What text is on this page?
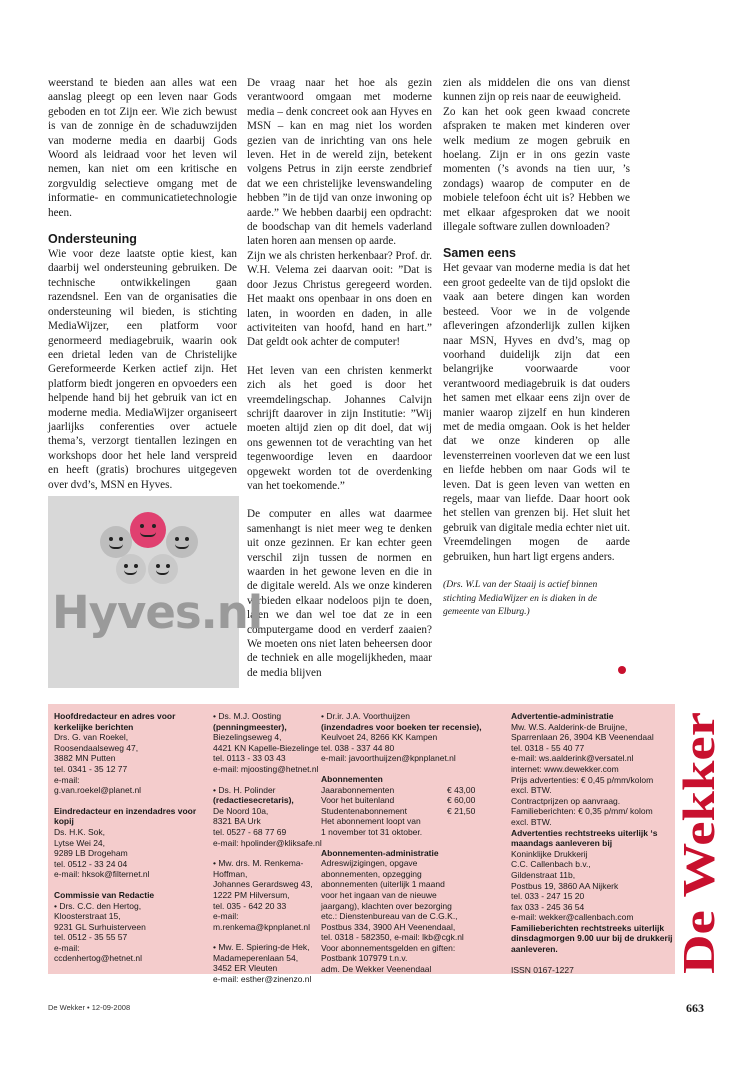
weerstand te bieden aan alles wat een aanslag pleegt op een leven naar Gods geboden en tot Zijn eer. Wie zich bewust is van de zonnige èn de schaduwzijden van moderne media en daarbij Gods Woord als leidraad voor het leven wil nemen, kan niet om een kritische en zorgvuldig selectieve omgang met de informatie- en communicatietechnologie heen.

Ondersteuning

Wie voor deze laatste optie kiest, kan daarbij wel ondersteuning gebruiken. De technische ontwikkelingen gaan razendsnel. Een van de organisaties die ondersteuning wil bieden, is stichting MediaWijzer, een platform voor genormeerd mediagebruik, waarin ook een drietal leden van de Christelijke Gereformeerde Kerken actief zijn. Het platform biedt jongeren en opvoeders een helpende hand bij het gebruik van ict en moderne media. MediaWijzer organiseert jaarlijks conferenties over actuele thema’s, verzorgt tientallen lezingen en workshops door het hele land verspreid en heeft (gratis) brochures uitgegeven over dvd’s, MSN en Hyves.

De vraag naar het hoe als gezin verantwoord omgaan met moderne media – denk concreet ook aan Hyves en MSN – kan en mag niet los worden gezien van de inrichting van ons hele leven. Het in de wereld zijn, betekent volgens Petrus in zijn eerste zendbrief dat we een christelijke levenswandeling hebben ”in de tijd van onze inwoning op aarde.” We hebben daarbij een opdracht: de boodschap van dit hemels vaderland laten horen aan mensen op aarde.

Zijn we als christen herkenbaar? Prof. dr. W.H. Velema zei daarvan ooit: ”Dat is door Jezus Christus geregeerd worden. Het maakt ons openbaar in ons doen en laten, in woorden en daden, in alle activiteiten van hoofd, hand en hart.” Dat geldt ook achter de computer!

Het leven van een christen kenmerkt zich als het goed is door het vreemdelingschap. Johannes Calvijn schrijft daarover in zijn Institutie: ”Wij moeten altijd zien op dit doel, dat wij ons gewennen tot de verachting van het tegenwoordige leven en daardoor opgewekt worden tot de overdenking van het toekomende.”

De computer en alles wat daarmee samenhangt is niet meer weg te denken uit onze gezinnen. Er kan echter geen verschil zijn tussen de normen en waarden in het gewone leven en die in de digitale wereld. Als we onze kinderen verbieden elkaar nodeloos pijn te doen, laten we dan wel toe dat ze in een computergame dood en verderf zaaien? We moeten ons niet laten beheersen door de techniek en alle mogelijkheden, maar de media blijven

zien als middelen die ons van dienst kunnen zijn op reis naar de eeuwigheid.

Zo kan het ook geen kwaad concrete afspraken te maken met kinderen over welk medium ze mogen gebruik en hoelang. Zijn er in ons gezin vaste momenten (’s avonds na tien uur, ’s zondags) waarop de computer en de mobiele telefoon écht uit is? Hebben we met elkaar afgesproken dat we nooit illegale software zullen downloaden?

Samen eens

Het gevaar van moderne media is dat het een groot gedeelte van de tijd opslokt die vaak aan betere dingen kan worden besteed. Voor we in de volgende afleveringen afzonderlijk zullen kijken naar MSN, Hyves en dvd’s, mag op voorhand duidelijk zijn dat een belangrijke voorwaarde voor verantwoord mediagebruik is dat ouders het samen met elkaar eens zijn over de manier waarop zijzelf en hun kinderen met de media omgaan. Ook is het helder dat we onze kinderen op alle levensterreinen voorleven dat we een lust en liefde hebben om naar Gods wil te leven. Dat is geen leven van wetten en regels, maar van liefde. Daar hoort ook het stellen van grenzen bij. Het sluit het gebruik van digitale media echter niet uit. Vreemdelingen mogen de aarde gebruiken, hun hart ligt ergens anders.

(Drs. W.L van der Staaij is actief binnen stichting MediaWijzer en is diaken in de gemeente van Elburg.)

Hyves.nl
Hoofdredacteur en adres voor kerkelijke berichten
Drs. G. van Roekel,
Roosendaalseweg 47,
3882 MN Putten
tel. 0341 - 35 12 77
e-mail:
g.van.roekel@planet.nl
Eindredacteur en inzendadres voor kopij
Ds. H.K. Sok,
Lytse Wei 24,
9289 LB Drogeham
tel. 0512 - 33 24 04
e-mail: hksok@filternet.nl
Commissie van Redactie
• Drs. C.C. den Hertog,
Kloosterstraat 15,
9231 GL Surhuisterveen
tel. 0512 - 35 55 57
e-mail:
ccdenhertog@hetnet.nl
• Ds. M.J. Oosting
(penningmeester),
Biezelingseweg 4,
4421 KN Kapelle-Biezelinge
tel. 0113 - 33 03 43
e-mail: mjoosting@hetnet.nl
• Ds. H. Polinder
(redactiesecretaris),
De Noord 10a,
8321 BA Urk
tel. 0527 - 68 77 69
e-mail: hpolinder@kliksafe.nl
• Mw. drs. M. Renkema-
Hoffman,
Johannes Gerardsweg 43,
1222 PM Hilversum,
tel. 035 - 642 20 33
e-mail:
m.renkema@kpnplanet.nl
• Mw. E. Spiering-de Hek,
Madameperenlaan 54,
3452 ER Vleuten
e-mail: esther@zinenzo.nl
• Dr.ir. J.A. Voorthuijzen
(inzendadres voor boeken ter recensie),
Keulvoet 24, 8266 KK Kampen
tel. 038 - 337 44 80
e-mail: javoorthuijzen@kpnplanet.nl
Abonnementen
Jaarabonnementen	€ 43,00
Voor het buitenland	€ 60,00
Studentenabonnement	€ 21,50
Het abonnement loopt van
1 november tot 31 oktober.
Abonnementen-administratie
Adreswijzigingen, opgave
abonnementen, opzegging
abonnementen (uiterlijk 1 maand
voor het ingaan van de nieuwe
jaargang), klachten over bezorging
etc.: Dienstenbureau van de C.G.K.,
Postbus 334, 3900 AH Veenendaal,
tel. 0318 - 582350, e-mail: lkb@cgk.nl
Voor abonnementsgelden en giften:
Postbank 107979 t.n.v.
adm. De Wekker Veenendaal
Advertentie-administratie
Mw. W.S. Aalderink-de Bruijne,
Sparrenlaan 26, 3904 KB Veenendaal
tel. 0318 - 55 40 77
e-mail: ws.aalderink@versatel.nl
internet: www.dewekker.com
Prijs advertenties: € 0,45 p/mm/kolom
excl. BTW.
Contractprijzen op aanvraag.
Familieberichten: € 0,35 p/mm/ kolom
excl. BTW.
Advertenties rechtstreeks uiterlijk ‘s maandags aanleveren bij
Koninklijke Drukkerij
C.C. Callenbach b.v.,
Gildenstraat 11b,
Postbus 19, 3860 AA Nijkerk
tel. 033 - 247 15 20
fax 033 - 245 36 54
e-mail: wekker@callenbach.com
Familieberichten rechtstreeks uiterlijk dinsdagmorgen 9.00 uur bij de drukkerij aanleveren.
ISSN 0167-1227	De Wekker
De Wekker • 12-09-2008	663
